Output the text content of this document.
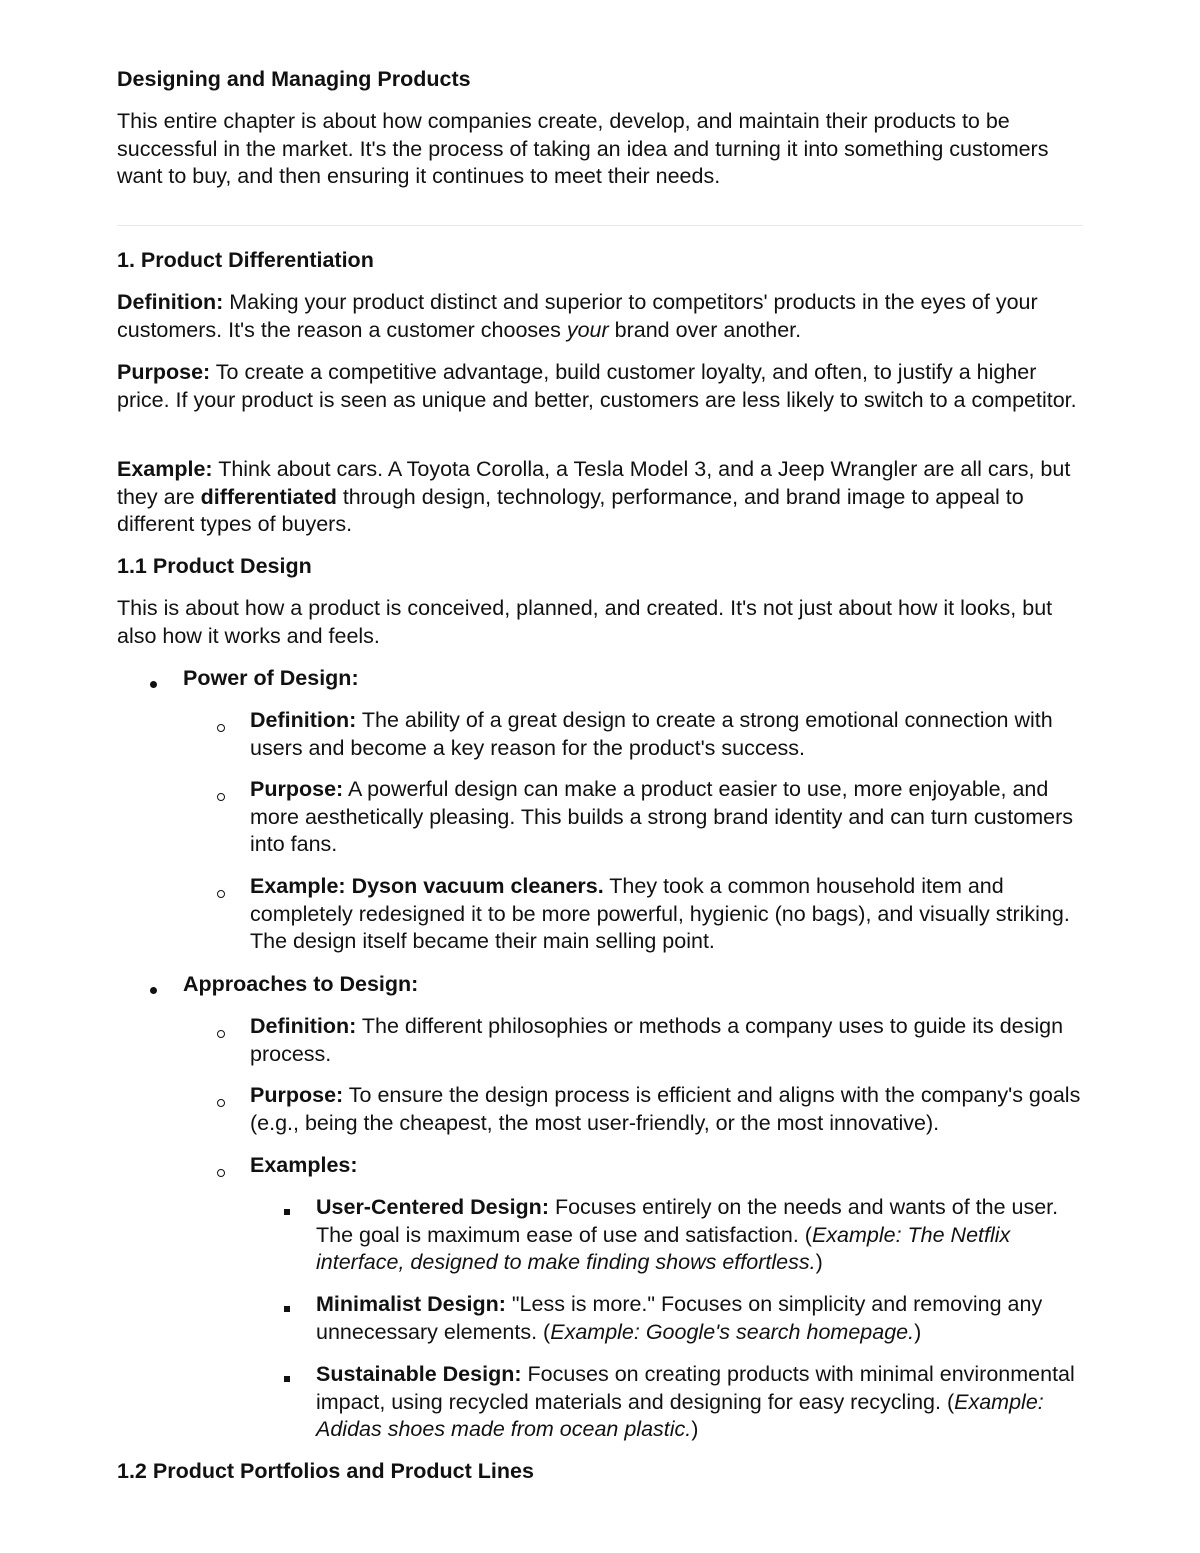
Designing and Managing Products

This entire chapter is about how companies create, develop, and maintain their products to be successful in the market. It's the process of taking an idea and turning it into something customers want to buy, and then ensuring it continues to meet their needs.

1. Product Differentiation

Definition: Making your product distinct and superior to competitors' products in the eyes of your customers. It's the reason a customer chooses your brand over another.

Purpose: To create a competitive advantage, build customer loyalty, and often, to justify a higher price. If your product is seen as unique and better, customers are less likely to switch to a competitor.

Example: Think about cars. A Toyota Corolla, a Tesla Model 3, and a Jeep Wrangler are all cars, but they are differentiated through design, technology, performance, and brand image to appeal to different types of buyers.

1.1 Product Design

This is about how a product is conceived, planned, and created. It's not just about how it looks, but also how it works and feels.

Power of Design:

Definition: The ability of a great design to create a strong emotional connection with users and become a key reason for the product's success.

Purpose: A powerful design can make a product easier to use, more enjoyable, and more aesthetically pleasing. This builds a strong brand identity and can turn customers into fans.

Example: Dyson vacuum cleaners. They took a common household item and completely redesigned it to be more powerful, hygienic (no bags), and visually striking. The design itself became their main selling point.

Approaches to Design:

Definition: The different philosophies or methods a company uses to guide its design process.

Purpose: To ensure the design process is efficient and aligns with the company's goals (e.g., being the cheapest, the most user-friendly, or the most innovative).

Examples:

User-Centered Design: Focuses entirely on the needs and wants of the user. The goal is maximum ease of use and satisfaction. (Example: The Netflix interface, designed to make finding shows effortless.)

Minimalist Design: "Less is more." Focuses on simplicity and removing any unnecessary elements. (Example: Google's search homepage.)

Sustainable Design: Focuses on creating products with minimal environmental impact, using recycled materials and designing for easy recycling. (Example: Adidas shoes made from ocean plastic.)

1.2 Product Portfolios and Product Lines
